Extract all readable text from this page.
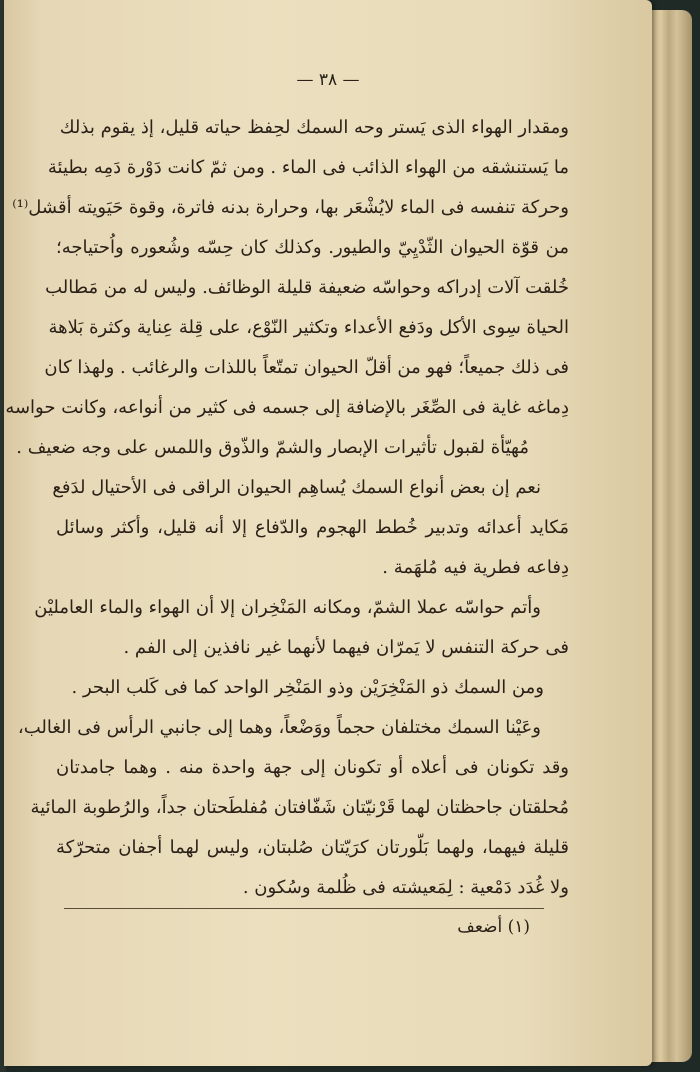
— ٣٨ —
ومقدار الهواء الذى يَستر وحه السمك لحِفظ حياته قليل، إذ يقوم بذلك
ما يَستنشقه من الهواء الذائب فى الماء . ومن ثمّ كانت دَوْرة دَمِه بطيئة
وحركة تنفسه فى الماء لايُشْعَر بها، وحرارة بدنه فاترة، وقوة حَيَويته أقشل⁽¹⁾
من قوّة الحيوان الثّدْيِيّ والطيور. وكذلك كان حِسّه وشُعوره واُحتياجه؛
خُلقت آلات إدراكه وحواسّه ضعيفة قليلة الوظائف. وليس له من مَطالب
الحياة سِوى الأكل ودَفع الأعداء وتكثير النّوْع، على قِلة عِناية وكثرة بَلاهة
فى ذلك جميعاً؛ فهو من أقلّ الحيوان تمتّعاً باللذات والرغائب . ولهذا كان
دِماغه غاية فى الصِّغَر بالإضافة إلى جسمه فى كثير من أنواعه، وكانت حواسه
مُهيّأة لقبول تأثيرات الإبصار والشمّ والذّوق واللمس على وجه ضعيف .
نعم إن بعض أنواع السمك يُساهِم الحيوان الراقى فى الأحتيال لدَفع
مَكايد أعدائه وتدبير خُطط الهجوم والدّفاع إلا أنه قليل، وأكثر وسائل
دِفاعه فطرية فيه مُلهَمة .
وأتم حواسّه عملا الشمّ، ومكانه المَنْخِران إلا أن الهواء والماء العامليْن
فى حركة التنفس لا يَمرّان فيهما لأنهما غير نافذين إلى الفم .
ومن السمك ذو المَنْخِرَيْن وذو المَنْخِر الواحد كما فى كَلب البحر .
وعَيْنا السمك مختلفان حجماً ووَضْعاً، وهما إلى جانبي الرأس فى الغالب،
وقد تكونان فى أعلاه أو تكونان إلى جهة واحدة منه . وهما جامدتان
مُحلقتان جاحظتان لهما قَرْنيّتان شَفّافتان مُفلطَحتان جداً، والرُطوبة المائية
قليلة فيهما، ولهما بَلّورتان كرَيّتان صُلبتان، وليس لهما أجفان متحرّكة
ولا غُدَد دَمْعية : لِمَعيشته فى ظُلمة وسُكون .
(١) أضعف
